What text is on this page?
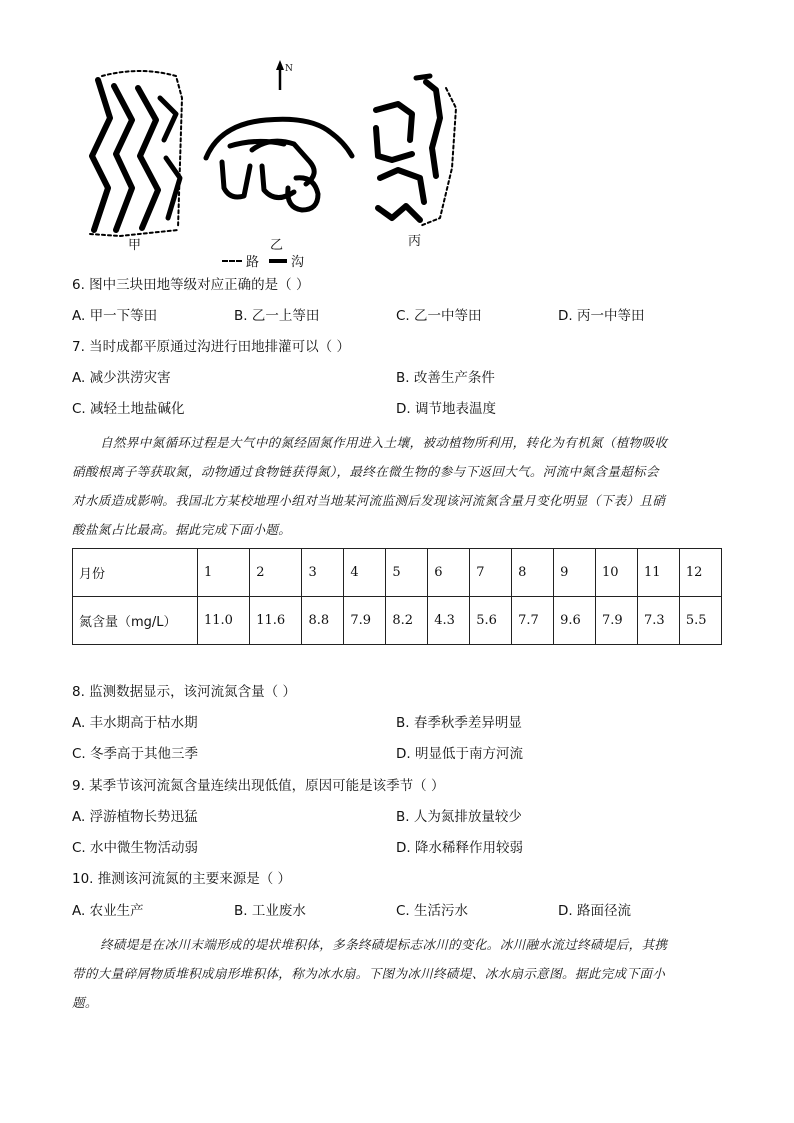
甲	乙	丙
N
路 沟
6. 图中三块田地等级对应正确的是（ ）
A. 甲一下等田	B. 乙一上等田	C. 乙一中等田	D. 丙一中等田
7. 当时成都平原通过沟进行田地排灌可以（ ）
A. 减少洪涝灾害	B. 改善生产条件
C. 减轻土地盐碱化	D. 调节地表温度
自然界中氮循环过程是大气中的氮经固氮作用进入土壤，被动植物所利用，转化为有机氮（植物吸收
硝酸根离子等获取氮，动物通过食物链获得氮），最终在微生物的参与下返回大气。河流中氮含量超标会
对水质造成影响。我国北方某校地理小组对当地某河流监测后发现该河流氮含量月变化明显（下表）且硝
酸盐氮占比最高。据此完成下面小题。
月份	1	2	3	4	5	6	7	8	9	10	11	12
氮含量（mg/L）	11.0	11.6	8.8	7.9	8.2	4.3	5.6	7.7	9.6	7.9	7.3	5.5
8. 监测数据显示，该河流氮含量（ ）
A. 丰水期高于枯水期	B. 春季秋季差异明显
C. 冬季高于其他三季	D. 明显低于南方河流
9. 某季节该河流氮含量连续出现低值，原因可能是该季节（ ）
A. 浮游植物长势迅猛	B. 人为氮排放量较少
C. 水中微生物活动弱	D. 降水稀释作用较弱
10. 推测该河流氮的主要来源是（ ）
A. 农业生产	B. 工业废水	C. 生活污水	D. 路面径流
终碛堤是在冰川末端形成的堤状堆积体，多条终碛堤标志冰川的变化。冰川融水流过终碛堤后，其携
带的大量碎屑物质堆积成扇形堆积体，称为冰水扇。下图为冰川终碛堤、冰水扇示意图。据此完成下面小
题。
